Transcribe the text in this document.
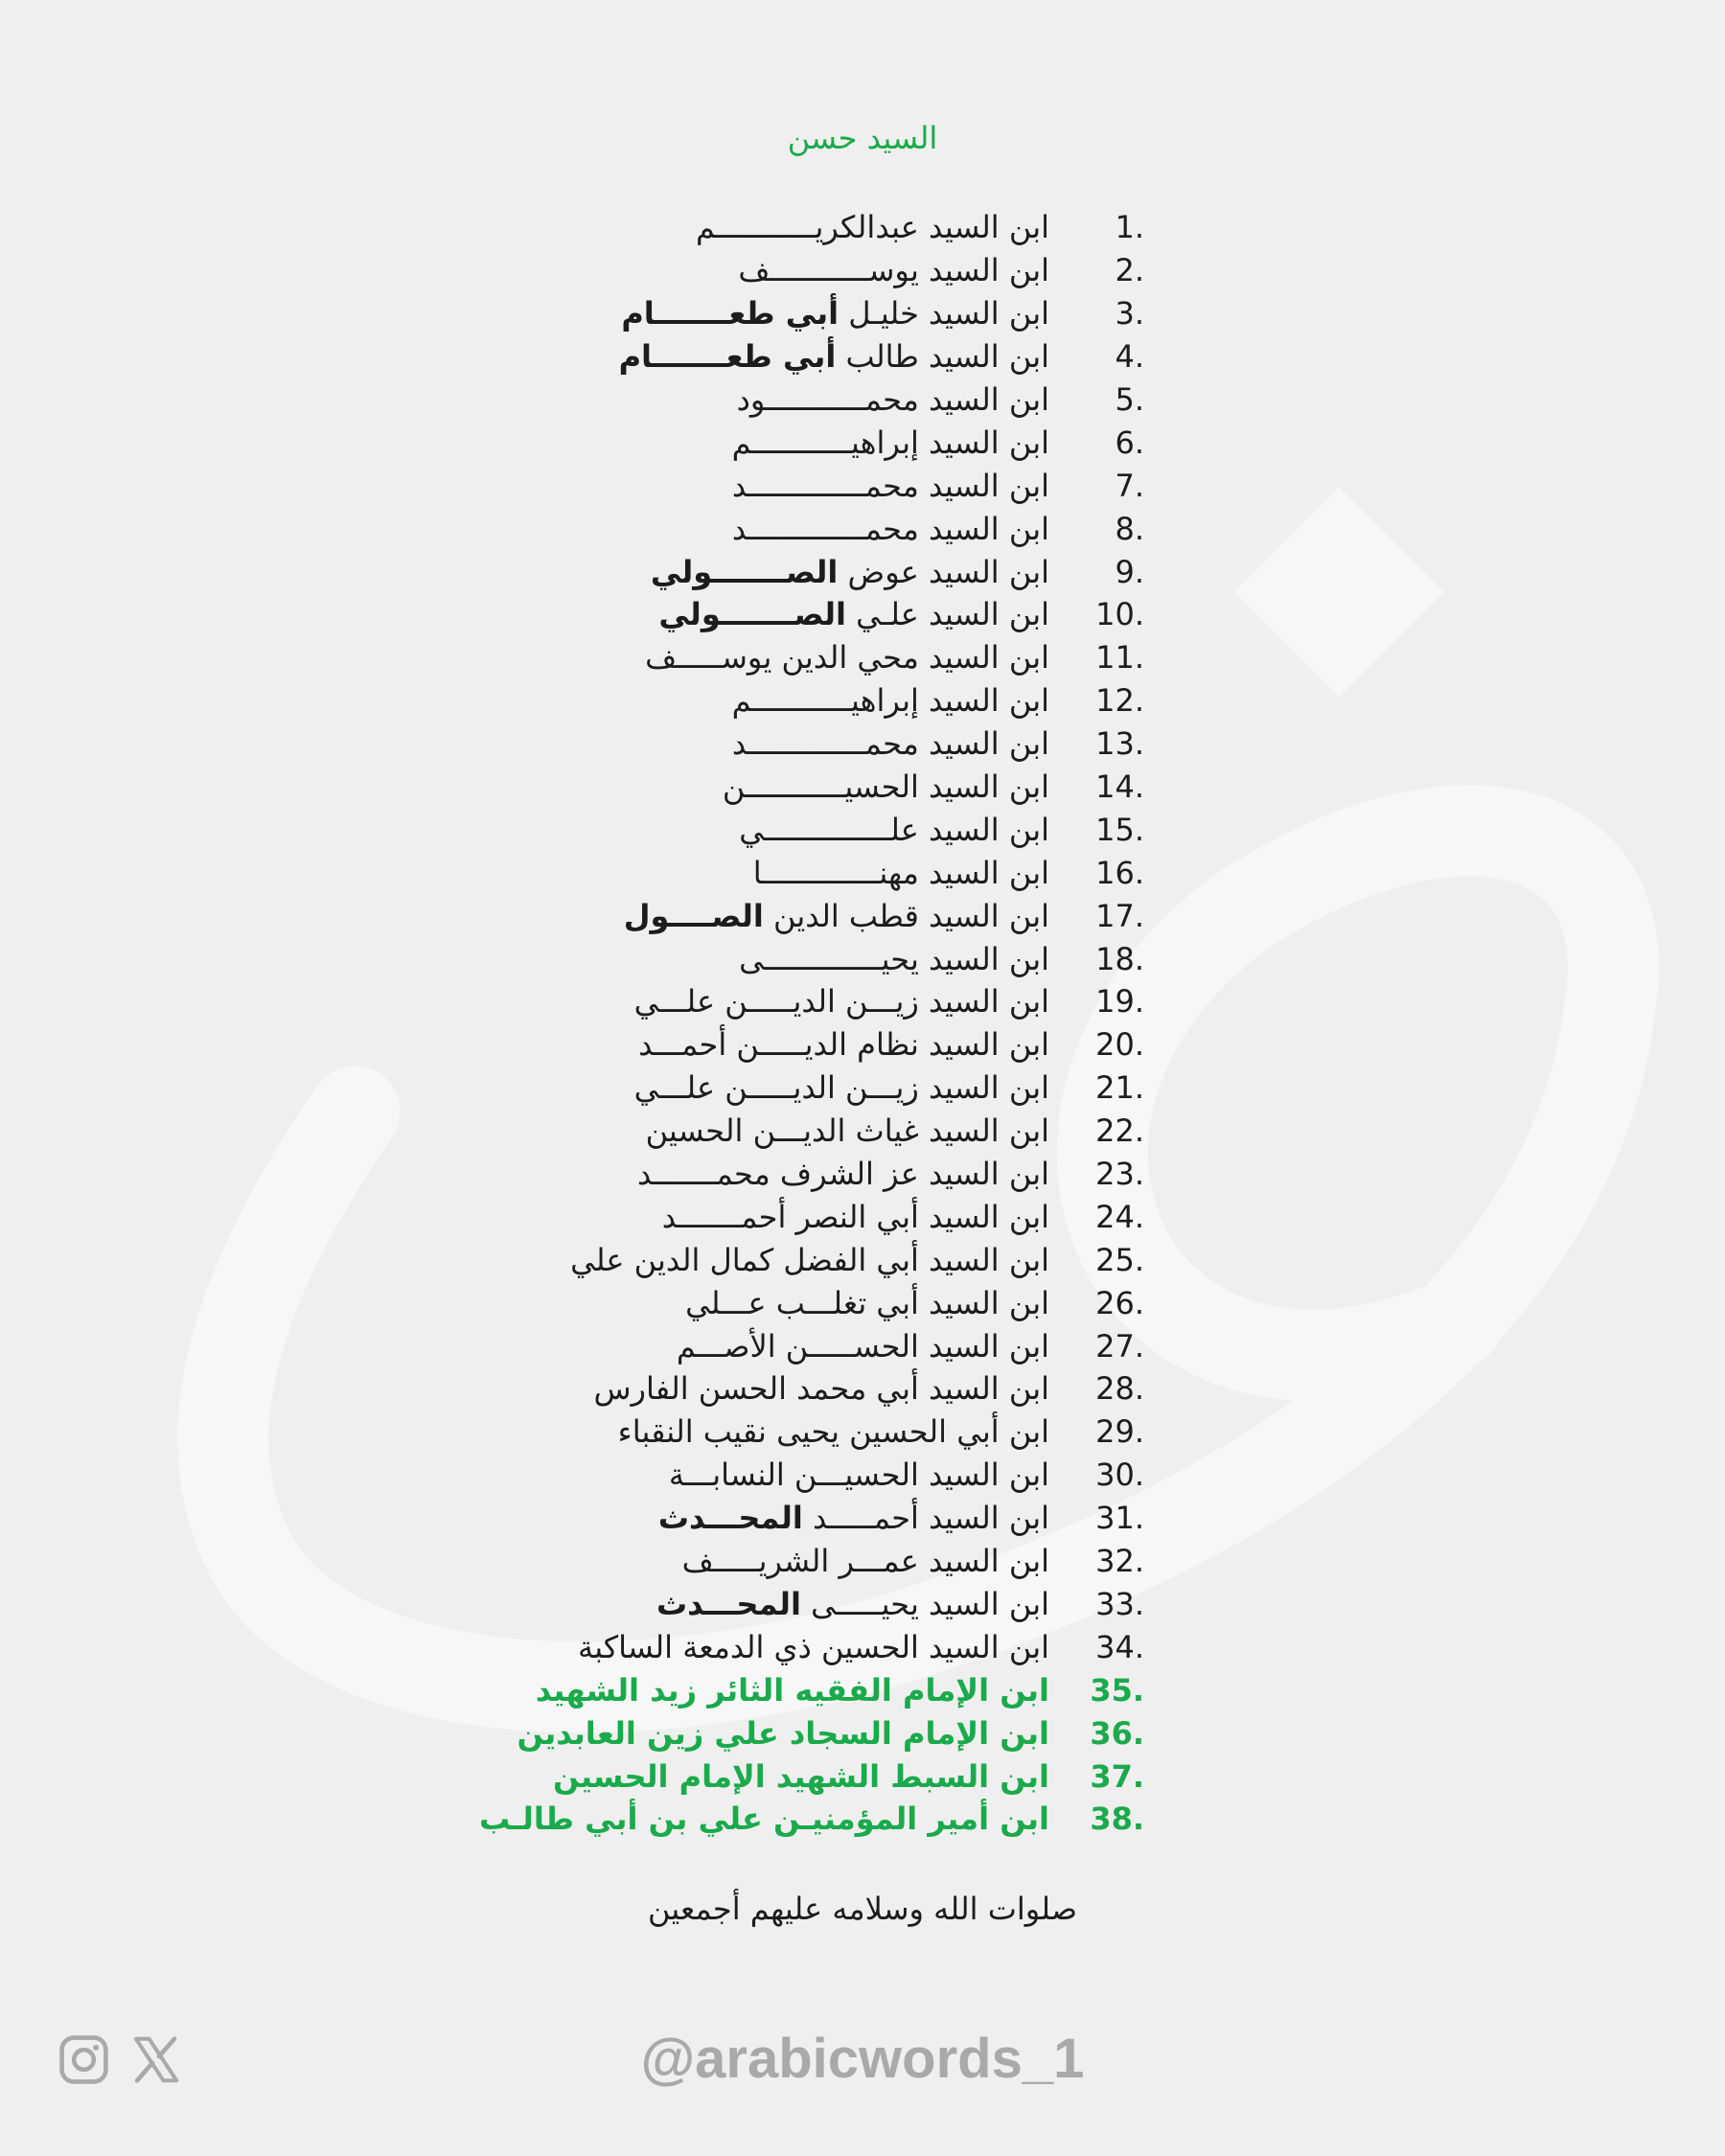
السيد حسن
1.
ابن السيد عبدالكريـــــــــــم
2.
ابن السيد يوســـــــــــف
3.
ابن السيد خليـل أبي طعـــــــام
4.
ابن السيد طالب أبي طعـــــــام
5.
ابن السيد محمـــــــــــود
6.
ابن السيد إبراهيـــــــــــم
7.
ابن السيد محمـــــــــــــد
8.
ابن السيد محمـــــــــــــد
9.
ابن السيد عوض الصـــــــولي
10.
ابن السيد علـي الصـــــــولي
11.
ابن السيد محي الدين يوســـــف
12.
ابن السيد إبراهيـــــــــــم
13.
ابن السيد محمـــــــــــــد
14.
ابن السيد الحسيـــــــــــن
15.
ابن السيد علــــــــــــــي
16.
ابن السيد مهنـــــــــــــا
17.
ابن السيد قطب الدين الصــــول
18.
ابن السيد يحيـــــــــــــى
19.
ابن السيد زيـــن الديـــــن علـــي
20.
ابن السيد نظام الديـــــن أحمـــد
21.
ابن السيد زيـــن الديـــــن علـــي
22.
ابن السيد غياث الديـــن الحسين
23.
ابن السيد عز الشرف محمـــــــد
24.
ابن السيد أبي النصر أحمـــــــد
25.
ابن السيد أبي الفضل كمال الدين علي
26.
ابن السيد أبي تغلـــب عـــلي
27.
ابن السيد الحســـــن الأصـــم
28.
ابن السيد أبي محمد الحسن الفارس
29.
ابن أبي الحسين يحيى نقيب النقباء
30.
ابن السيد الحسيـــن النسابـــة
31.
ابن السيد أحمـــــد المحـــدث
32.
ابن السيد عمـــر الشريـــــف
33.
ابن السيد يحيـــــى المحـــدث
34.
ابن السيد الحسين ذي الدمعة الساكبة
35.
ابن الإمام الفقيه الثائر زيد الشهيد
36.
ابن الإمام السجاد علي زين العابدين
37.
ابن السبط الشهيد الإمام الحسين
38.
ابن أمير المؤمنيـن علي بن أبي طالـب
صلوات الله وسلامه عليهم أجمعين
@arabicwords_1
